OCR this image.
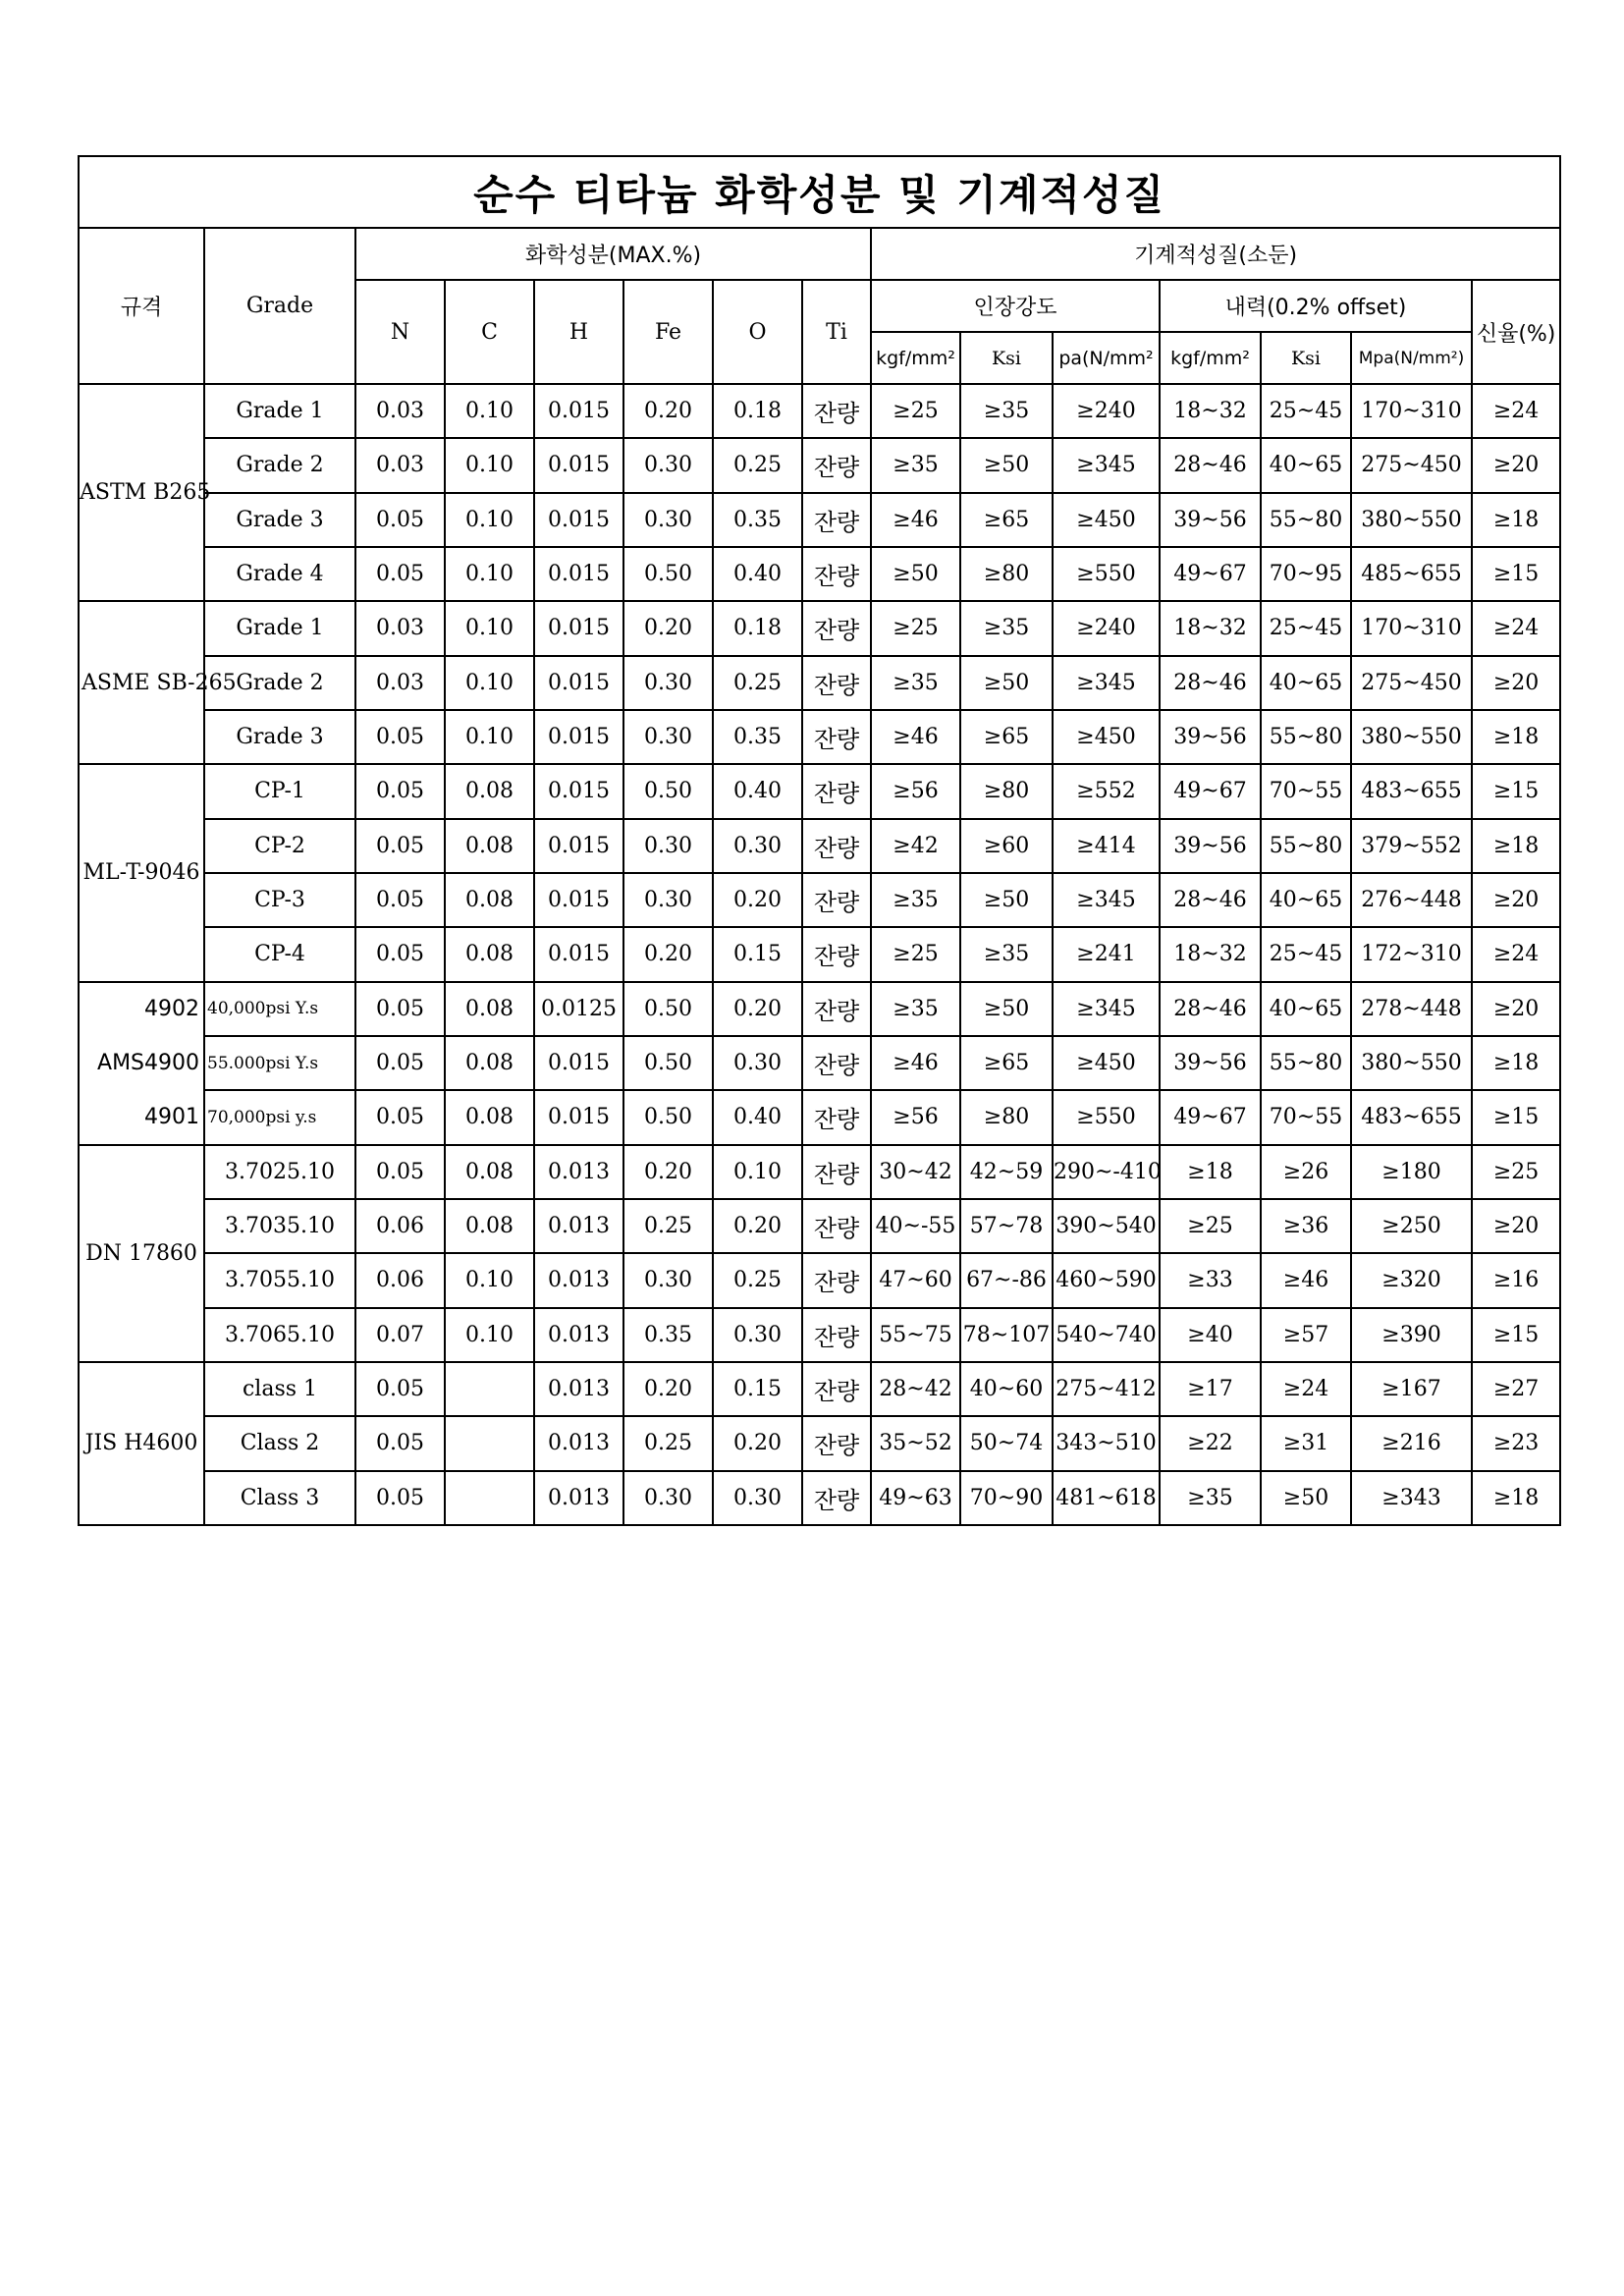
순수 티타늄 화학성분 및 기계적성질														
규격	Grade	화학성분(MAX.%)						기계적성질(소둔)						
		N	C	H	Fe	O	Ti	인장강도			내력(0.2% offset)			신율(%)
								kgf/mm²	Ksi	pa(N/mm²	kgf/mm²	Ksi	Mpa(N/mm²)	
ASTM B265	Grade 1	0.03	0.10	0.015	0.20	0.18	잔량	≥25	≥35	≥240	18~32	25~45	170~310	≥24
	Grade 2	0.03	0.10	0.015	0.30	0.25	잔량	≥35	≥50	≥345	28~46	40~65	275~450	≥20
	Grade 3	0.05	0.10	0.015	0.30	0.35	잔량	≥46	≥65	≥450	39~56	55~80	380~550	≥18
	Grade 4	0.05	0.10	0.015	0.50	0.40	잔량	≥50	≥80	≥550	49~67	70~95	485~655	≥15
ASME SB-265	Grade 1	0.03	0.10	0.015	0.20	0.18	잔량	≥25	≥35	≥240	18~32	25~45	170~310	≥24
	Grade 2	0.03	0.10	0.015	0.30	0.25	잔량	≥35	≥50	≥345	28~46	40~65	275~450	≥20
	Grade 3	0.05	0.10	0.015	0.30	0.35	잔량	≥46	≥65	≥450	39~56	55~80	380~550	≥18
ML-T-9046	CP-1	0.05	0.08	0.015	0.50	0.40	잔량	≥56	≥80	≥552	49~67	70~55	483~655	≥15
	CP-2	0.05	0.08	0.015	0.30	0.30	잔량	≥42	≥60	≥414	39~56	55~80	379~552	≥18
	CP-3	0.05	0.08	0.015	0.30	0.20	잔량	≥35	≥50	≥345	28~46	40~65	276~448	≥20
	CP-4	0.05	0.08	0.015	0.20	0.15	잔량	≥25	≥35	≥241	18~32	25~45	172~310	≥24
4902	40,000psi Y.s	0.05	0.08	0.0125	0.50	0.20	잔량	≥35	≥50	≥345	28~46	40~65	278~448	≥20
AMS4900	55.000psi Y.s	0.05	0.08	0.015	0.50	0.30	잔량	≥46	≥65	≥450	39~56	55~80	380~550	≥18
4901	70,000psi y.s	0.05	0.08	0.015	0.50	0.40	잔량	≥56	≥80	≥550	49~67	70~55	483~655	≥15
DN 17860	3.7025.10	0.05	0.08	0.013	0.20	0.10	잔량	30~42	42~59	290~-410	≥18	≥26	≥180	≥25
	3.7035.10	0.06	0.08	0.013	0.25	0.20	잔량	40~-55	57~78	390~540	≥25	≥36	≥250	≥20
	3.7055.10	0.06	0.10	0.013	0.30	0.25	잔량	47~60	67~-86	460~590	≥33	≥46	≥320	≥16
	3.7065.10	0.07	0.10	0.013	0.35	0.30	잔량	55~75	78~107	540~740	≥40	≥57	≥390	≥15
JIS H4600	class 1	0.05		0.013	0.20	0.15	잔량	28~42	40~60	275~412	≥17	≥24	≥167	≥27
	Class 2	0.05		0.013	0.25	0.20	잔량	35~52	50~74	343~510	≥22	≥31	≥216	≥23
	Class 3	0.05		0.013	0.30	0.30	잔량	49~63	70~90	481~618	≥35	≥50	≥343	≥18
